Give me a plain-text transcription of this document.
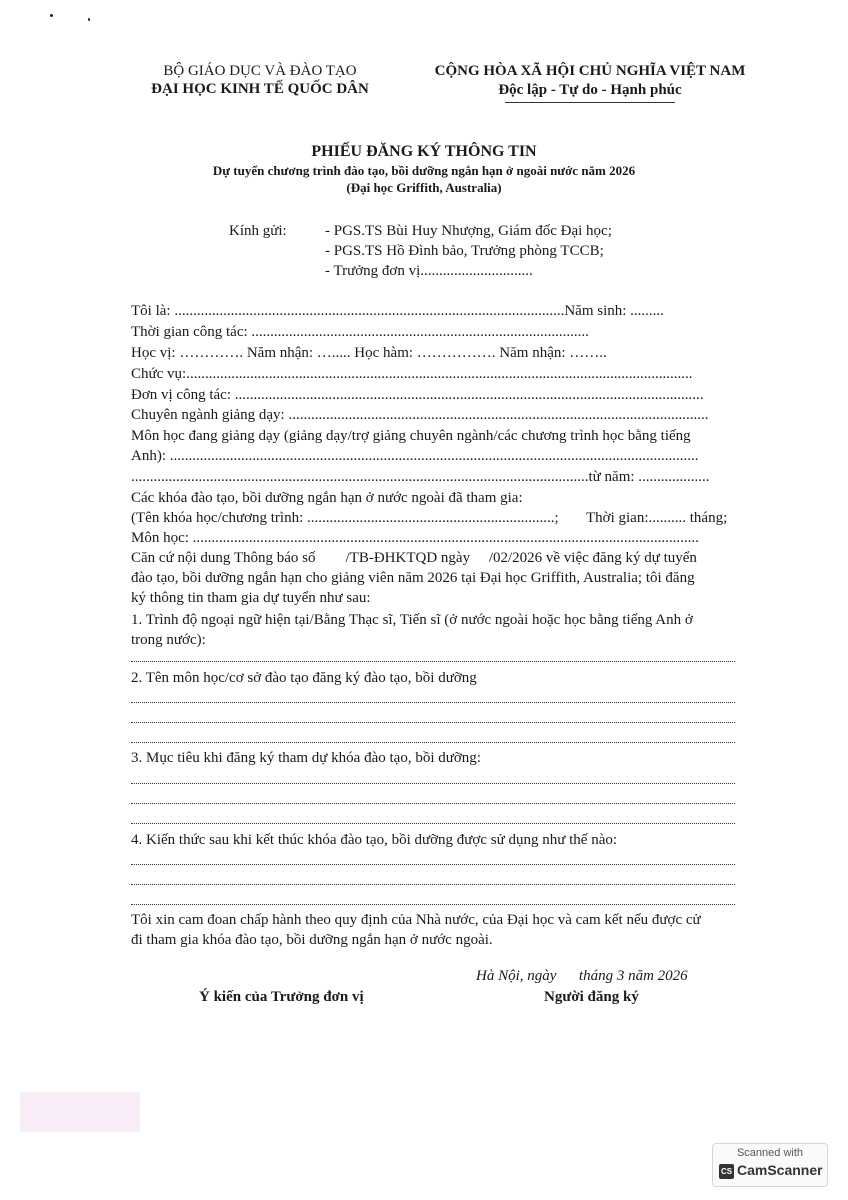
BỘ GIÁO DỤC VÀ ĐÀO TẠO
ĐẠI HỌC KINH TẾ QUỐC DÂN
CỘNG HÒA XÃ HỘI CHỦ NGHĨA VIỆT NAM
Độc lập - Tự do - Hạnh phúc
PHIẾU ĐĂNG KÝ THÔNG TIN
Dự tuyển chương trình đào tạo, bồi dưỡng ngắn hạn ở ngoài nước năm 2026
(Đại học Griffith, Australia)
Kính gửi:	- PGS.TS Bùi Huy Nhượng, Giám đốc Đại học;
- PGS.TS Hồ Đình bảo, Trưởng phòng TCCB;
- Trưởng đơn vị..............................
Tôi là: ........................................................................................................Năm sinh: .........
Thời gian công tác: ..........................................................................................
Học vị: …………. Năm nhận: …..... Học hàm: ……………. Năm nhận: ……..
Chức vụ:.......................................................................................................................................
Đơn vị công tác: .............................................................................................................................
Chuyên ngành giảng dạy: ................................................................................................................
Môn học đang giảng dạy (giảng dạy/trợ giảng chuyên ngành/các chương trình học bằng tiếng
Anh): .............................................................................................................................................
..........................................................................................................................từ năm: ...................
Các khóa đào tạo, bồi dưỡng ngắn hạn ở nước ngoài đã tham gia:
(Tên khóa học/chương trình: ..................................................................; Thời gian:.......... tháng;
Môn học: .......................................................................................................................................
Căn cứ nội dung Thông báo số        /TB-ĐHKTQD ngày     /02/2026 về việc đăng ký dự tuyển
đào tạo, bồi dưỡng ngắn hạn cho giảng viên năm 2026 tại Đại học Griffith, Australia; tôi đăng
ký thông tin tham gia dự tuyển như sau:
1. Trình độ ngoại ngữ hiện tại/Bằng Thạc sĩ, Tiến sĩ (ở nước ngoài hoặc học bằng tiếng Anh ở
trong nước):
2. Tên môn học/cơ sở đào tạo đăng ký đào tạo, bồi dưỡng
3. Mục tiêu khi đăng ký tham dự khóa đào tạo, bồi dưỡng:
4. Kiến thức sau khi kết thúc khóa đào tạo, bồi dưỡng được sử dụng như thế nào:
Tôi xin cam đoan chấp hành theo quy định của Nhà nước, của Đại học và cam kết nếu được cử
đi tham gia khóa đào tạo, bồi dưỡng ngắn hạn ở nước ngoài.
Hà Nội, ngày      tháng 3 năm 2026
Ý kiến của Trưởng đơn vị	Người đăng ký
Scanned with
CS CamScanner
